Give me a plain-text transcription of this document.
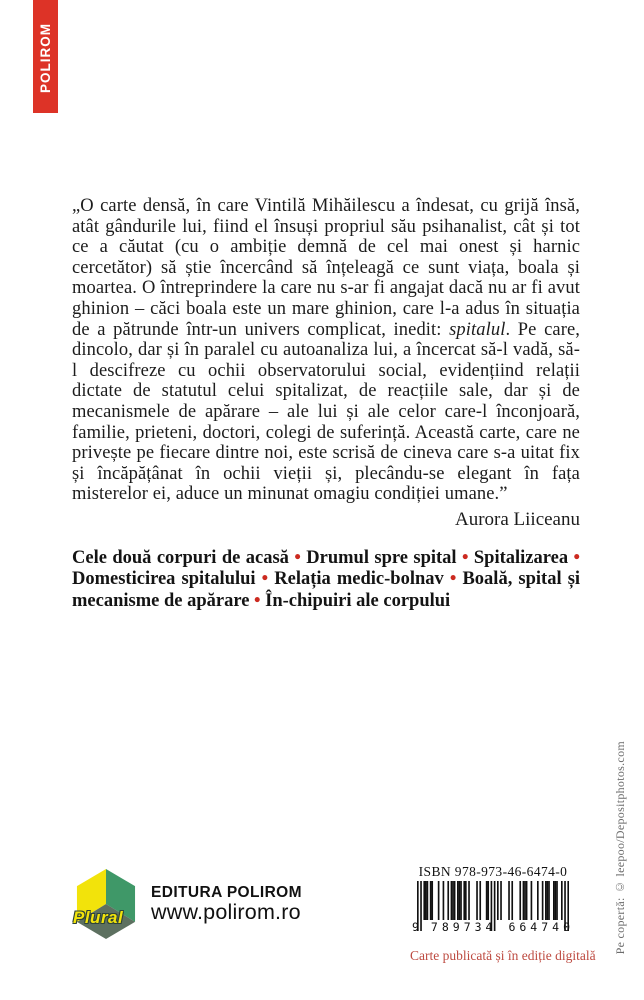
POLIROM

„O carte densă, în care Vintilă Mihăilescu a îndesat, cu grijă însă, atât gândurile lui, fiind el însuși propriul său psihanalist, cât și tot ce a căutat (cu o ambiție demnă de cel mai onest și harnic cercetător) să știe încercând să înțeleagă ce sunt viața, boala și moartea. O întreprindere la care nu s-ar fi angajat dacă nu ar fi avut ghinion – căci boala este un mare ghinion, care l-a adus în situația de a pătrunde într-un univers complicat, inedit: spitalul. Pe care, dincolo, dar și în paralel cu autoanaliza lui, a încercat să-l vadă, să-l descifreze cu ochii observatorului social, evidențiind relații dictate de statutul celui spitalizat, de reacțiile sale, dar și de mecanismele de apărare – ale lui și ale celor care-l înconjoară, familie, prieteni, doctori, colegi de suferință. Această carte, care ne privește pe fiecare dintre noi, este scrisă de cineva care s-a uitat fix și încăpățânat în ochii vieții și, plecându-se elegant în fața misterelor ei, aduce un minunat omagiu condiției umane.”

Aurora Liiceanu

Cele două corpuri de acasă • Drumul spre spital • Spitalizarea • Domesticirea spitalului • Relația medic-bolnav • Boală, spital și mecanisme de apărare • În-chipuiri ale corpului

Plural
EDITURA POLIROM
www.polirom.ro
ISBN 978-973-46-6474-0
9 789734 664740
Carte publicată și în ediție digitală
Pe copertă: © leepoo/Depositphotos.com
